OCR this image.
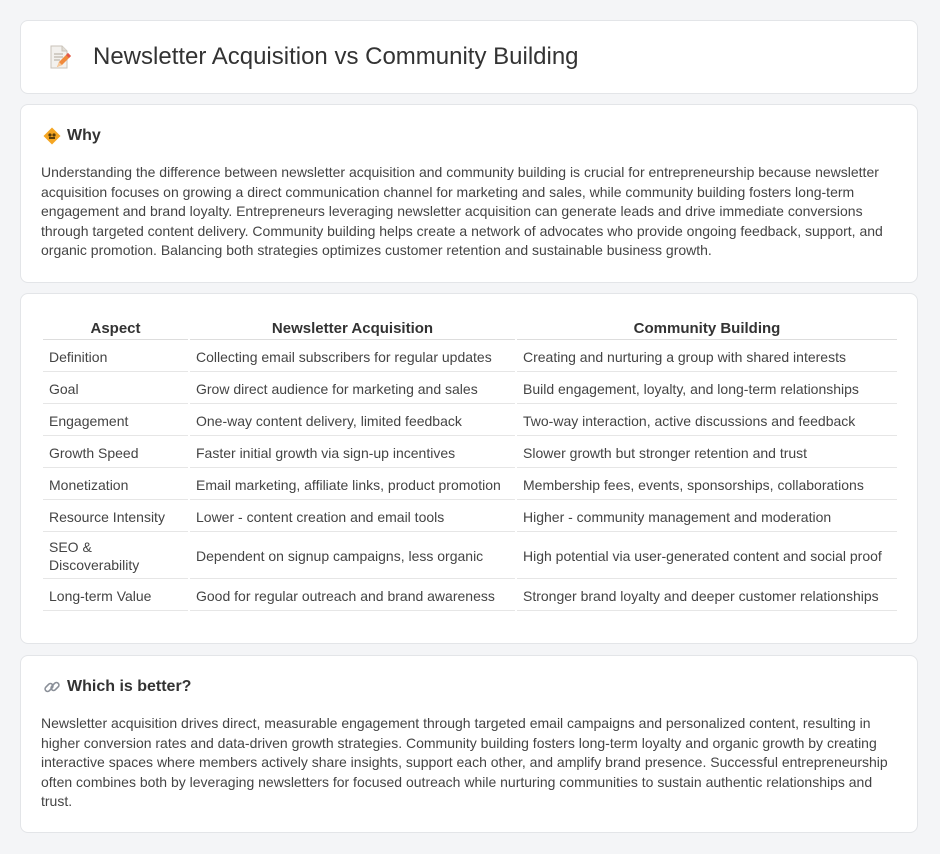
Newsletter Acquisition vs Community Building
Why

Understanding the difference between newsletter acquisition and community building is crucial for entrepreneurship because newsletter acquisition focuses on growing a direct communication channel for marketing and sales, while community building fosters long-term engagement and brand loyalty. Entrepreneurs leveraging newsletter acquisition can generate leads and drive immediate conversions through targeted content delivery. Community building helps create a network of advocates who provide ongoing feedback, support, and organic promotion. Balancing both strategies optimizes customer retention and sustainable business growth.

Aspect	Newsletter Acquisition	Community Building
Definition	Collecting email subscribers for regular updates	Creating and nurturing a group with shared interests
Goal	Grow direct audience for marketing and sales	Build engagement, loyalty, and long-term relationships
Engagement	One-way content delivery, limited feedback	Two-way interaction, active discussions and feedback
Growth Speed	Faster initial growth via sign-up incentives	Slower growth but stronger retention and trust
Monetization	Email marketing, affiliate links, product promotion	Membership fees, events, sponsorships, collaborations
Resource Intensity	Lower - content creation and email tools	Higher - community management and moderation
SEO & Discoverability	Dependent on signup campaigns, less organic	High potential via user-generated content and social proof
Long-term Value	Good for regular outreach and brand awareness	Stronger brand loyalty and deeper customer relationships
Which is better?

Newsletter acquisition drives direct, measurable engagement through targeted email campaigns and personalized content, resulting in higher conversion rates and data-driven growth strategies. Community building fosters long-term loyalty and organic growth by creating interactive spaces where members actively share insights, support each other, and amplify brand presence. Successful entrepreneurship often combines both by leveraging newsletters for focused outreach while nurturing communities to sustain authentic relationships and trust.
